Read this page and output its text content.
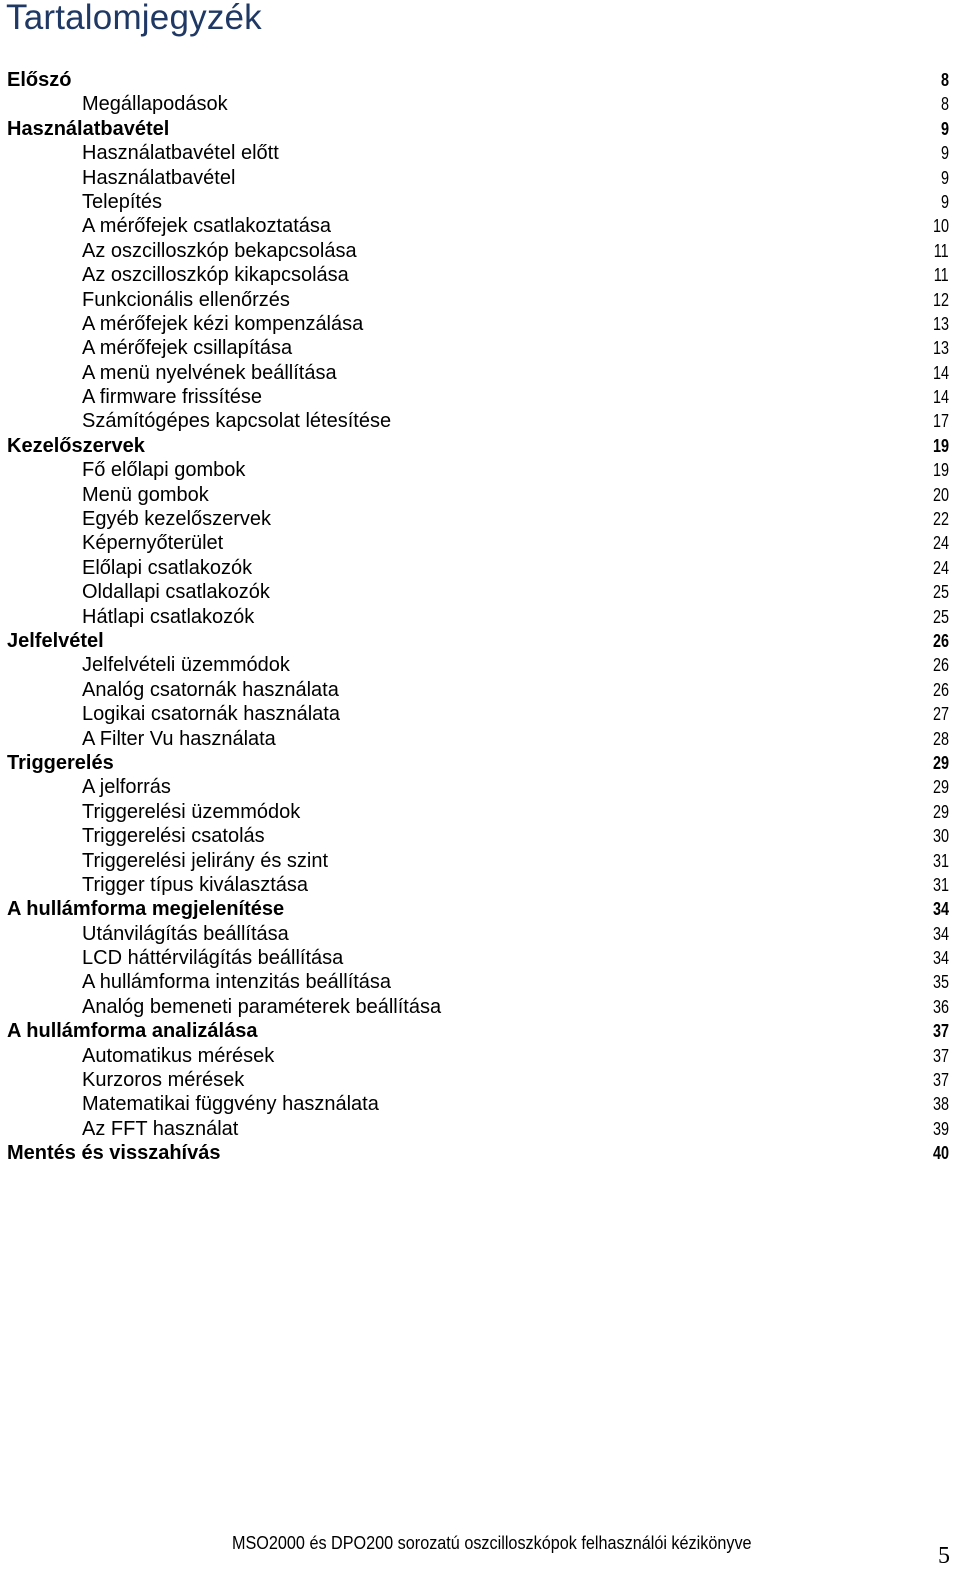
Tartalomjegyzék
Előszó	8
Megállapodások	8
Használatbavétel	9
Használatbavétel előtt	9
Használatbavétel	9
Telepítés	9
A mérőfejek csatlakoztatása	10
Az oszcilloszkóp bekapcsolása	11
Az oszcilloszkóp kikapcsolása	11
Funkcionális ellenőrzés	12
A mérőfejek kézi kompenzálása	13
A mérőfejek csillapítása	13
A menü nyelvének beállítása	14
A firmware frissítése	14
Számítógépes kapcsolat létesítése	17
Kezelőszervek	19
Fő előlapi gombok	19
Menü gombok	20
Egyéb kezelőszervek	22
Képernyőterület	24
Előlapi csatlakozók	24
Oldallapi csatlakozók	25
Hátlapi csatlakozók	25
Jelfelvétel	26
Jelfelvételi üzemmódok	26
Analóg csatornák használata	26
Logikai csatornák használata	27
A Filter Vu használata	28
Triggerelés	29
A jelforrás	29
Triggerelési üzemmódok	29
Triggerelési csatolás	30
Triggerelési jelirány és szint	31
Trigger típus kiválasztása	31
A hullámforma megjelenítése	34
Utánvilágítás beállítása	34
LCD háttérvilágítás beállítása	34
A hullámforma intenzitás beállítása	35
Analóg bemeneti paraméterek beállítása	36
A hullámforma analizálása	37
Automatikus mérések	37
Kurzoros mérések	37
Matematikai függvény használata	38
Az FFT használat	39
Mentés és visszahívás	40
MSO2000 és DPO200 sorozatú oszcilloszkópok felhasználói kézikönyve	5
